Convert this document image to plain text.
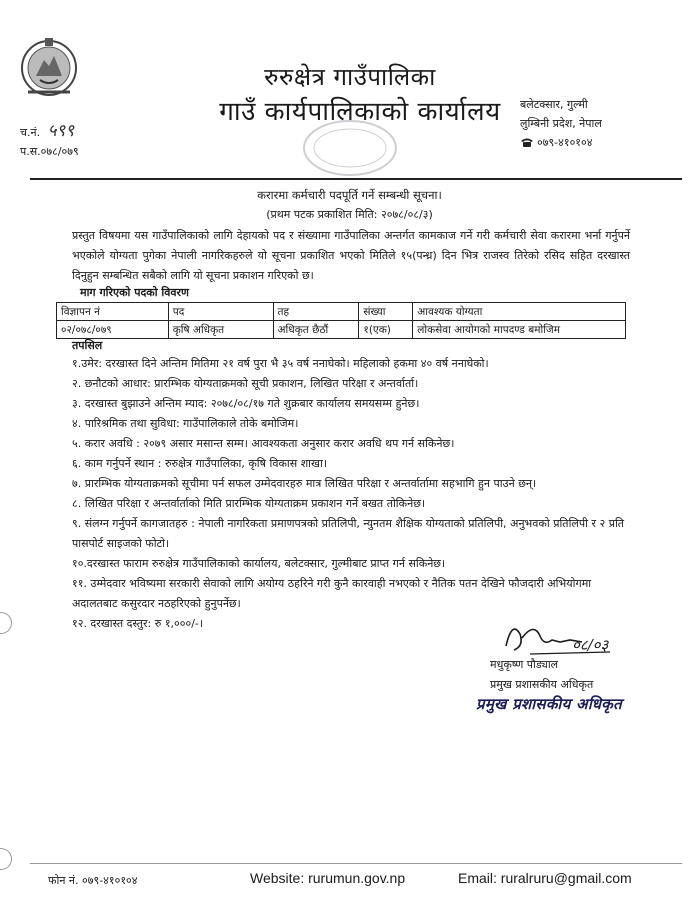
च.नं. ५९९
प.स.०७८/०७९
रुरुक्षेत्र गाउँपालिका
गाउँ कार्यपालिकाको कार्यालय	बलेटक्सार, गुल्मी
लुम्बिनी प्रदेश, नेपाल
०७९-४१०१०४
करारमा कर्मचारी पदपूर्ति गर्ने सम्बन्धी सूचना।
(प्रथम पटक प्रकाशित मिति: २०७८/०८/३)

प्रस्तुत विषयमा यस गाउँपालिकाको लागि देहायको पद र संख्यामा गाउँपालिका अन्तर्गत कामकाज गर्ने गरी कर्मचारी सेवा करारमा भर्ना गर्नुपर्ने भएकोले योग्यता पुगेका नेपाली नागरिकहरुले यो सूचना प्रकाशित भएको मितिले १५(पन्ध्र) दिन भित्र राजस्व तिरेको रसिद सहित दरखास्त दिनुहुन सम्बन्धित सबैको लागि यो सूचना प्रकाशन गरिएको छ।

माग गरिएको पदको विवरण
विज्ञापन नं	पद	तह	संख्या	आवश्यक योग्यता
०२/०७८/०७९	कृषि अधिकृत	अधिकृत छैठौं	१(एक)	लोकसेवा आयोगको मापदण्ड बमोजिम
तपसिल
१.उमेर: दरखास्त दिने अन्तिम मितिमा २१ वर्ष पुरा भै ३५ वर्ष ननाघेको। महिलाको हकमा ४० वर्ष ननाघेको।
२. छनौटको आधार: प्रारम्भिक योग्यताक्रमको सूची प्रकाशन, लिखित परिक्षा र अन्तर्वार्ता।
३. दरखास्त बुझाउने अन्तिम म्याद: २०७८/०८/१७ गते शुक्रबार कार्यालय समयसम्म हुनेछ।
४. पारिश्रमिक तथा सुविधा: गाउँपालिकाले तोके बमोजिम।
५. करार अवधि : २०७९ असार मसान्त सम्म। आवश्यकता अनुसार करार अवधि थप गर्न सकिनेछ।
६. काम गर्नुपर्ने स्थान : रुरुक्षेत्र गाउँपालिका, कृषि विकास शाखा।
७. प्रारम्भिक योग्यताक्रमको सूचीमा पर्न सफल उम्मेदवारहरु मात्र लिखित परिक्षा र अन्तर्वार्तामा सहभागि हुन पाउने छन्।
८. लिखित परिक्षा र अन्तर्वार्ताको मिति प्रारम्भिक योग्यताक्रम प्रकाशन गर्ने बखत तोकिनेछ।
९. संलग्न गर्नुपर्ने कागजातहरु : नेपाली नागरिकता प्रमाणपत्रको प्रतिलिपी, न्युनतम शैक्षिक योग्यताको प्रतिलिपी, अनुभवको प्रतिलिपी र २ प्रति पासपोर्ट साइजको फोटो।
१०.दरखास्त फाराम रुरुक्षेत्र गाउँपालिकाको कार्यालय, बलेटक्सार, गुल्मीबाट प्राप्त गर्न सकिनेछ।
११. उम्मेदवार भविष्यमा सरकारी सेवाको लागि अयोग्य ठहरिने गरी कुनै कारवाही नभएको र नैतिक पतन देखिने फौजदारी अभियोगमा अदालतबाट कसुरदार नठहरिएको हुनुपर्नेछ।
१२. दरखास्त दस्तुर: रु १,०००/-।
०८/०३
मधुकृष्ण पौड्याल
प्रमुख प्रशासकीय अधिकृत
प्रमुख प्रशासकीय अधिकृत
फोन नं. ०७९-४१०१०४	Website: rurumun.gov.np	Email: ruralruru@gmail.com
